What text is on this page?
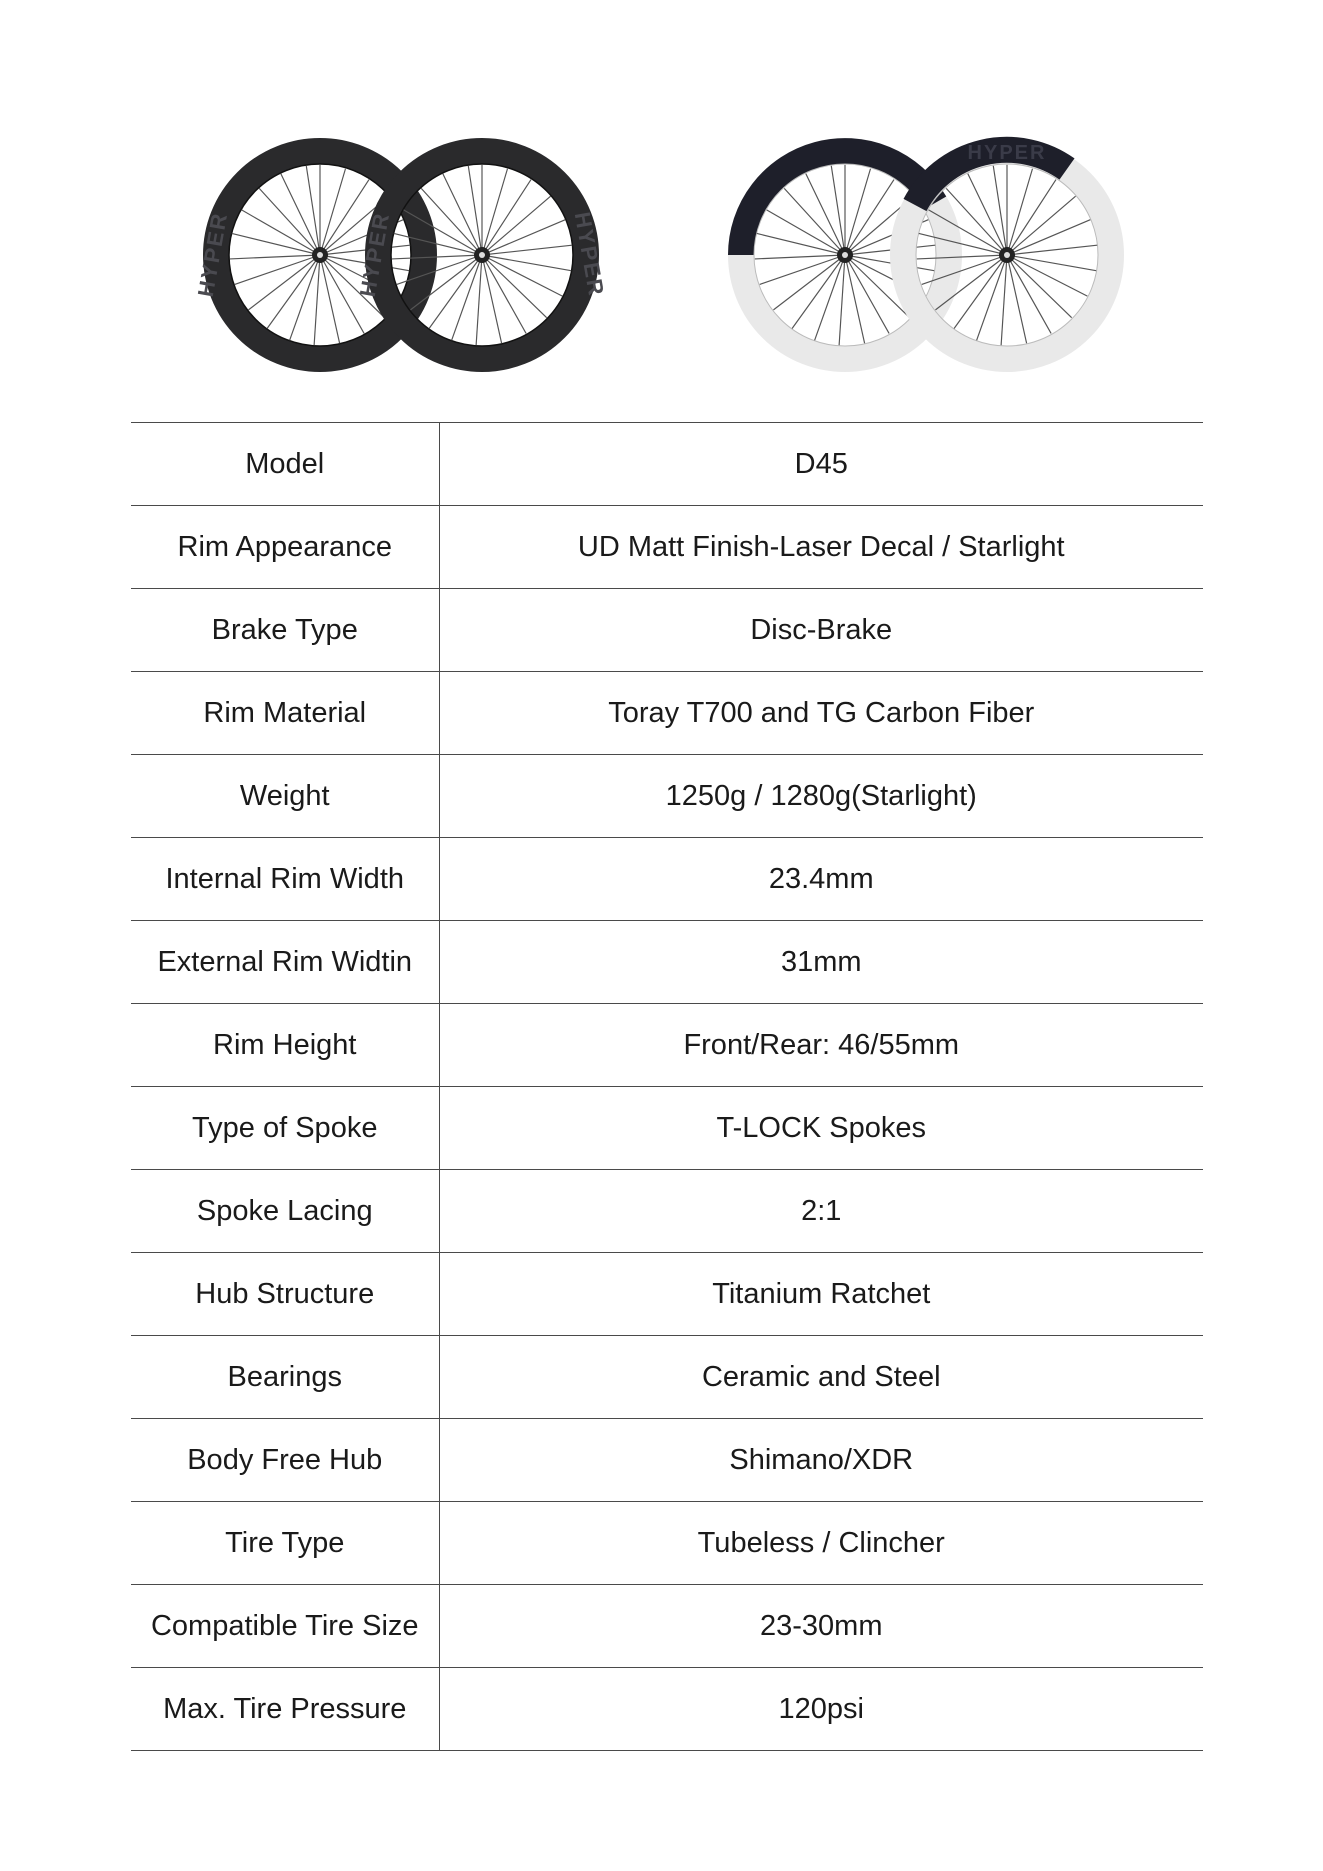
HYPER	HYPER	HYPER
HYPER
Model	D45
Rim Appearance	UD Matt Finish-Laser Decal / Starlight
Brake Type	Disc-Brake
Rim Material	Toray T700 and TG Carbon Fiber
Weight	1250g / 1280g(Starlight)
Internal Rim Width	23.4mm
External Rim Widtin	31mm
Rim Height	Front/Rear: 46/55mm
Type of Spoke	T-LOCK Spokes
Spoke Lacing	2:1
Hub Structure	Titanium Ratchet
Bearings	Ceramic and Steel
Body Free Hub	Shimano/XDR
Tire Type	Tubeless / Clincher
Compatible Tire Size	23-30mm
Max. Tire Pressure	120psi
